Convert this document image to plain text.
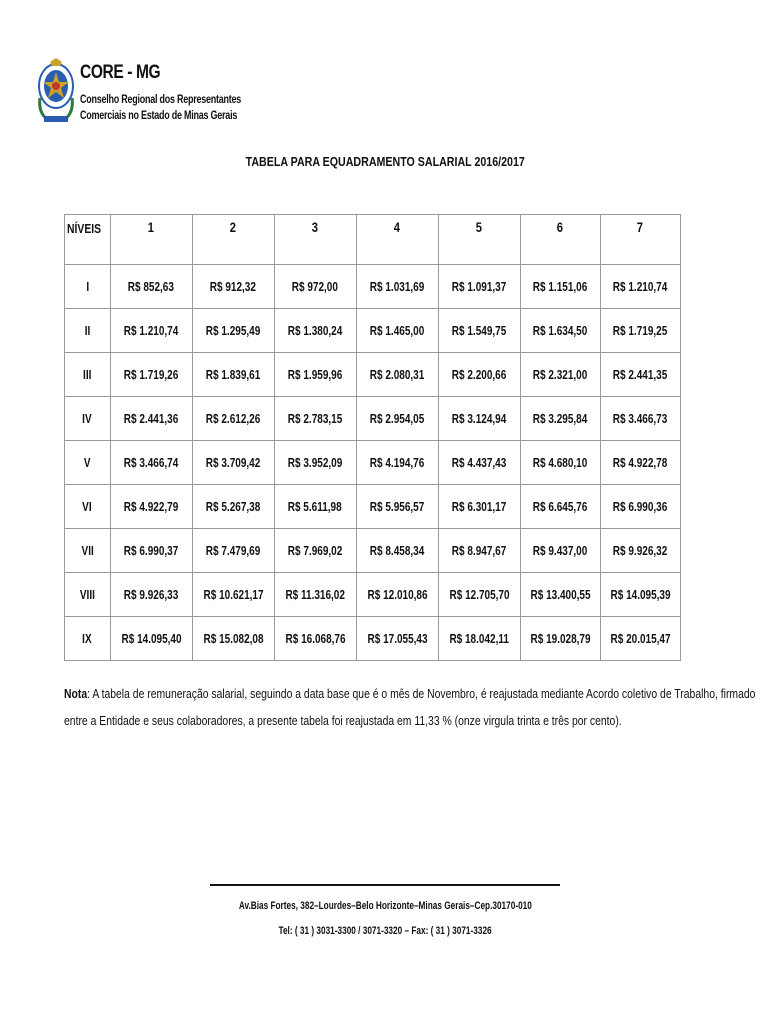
CORE - MG
Conselho Regional dos Representantes
Comerciais no Estado de Minas Gerais
TABELA PARA EQUADRAMENTO SALARIAL 2016/2017
NÍVEIS	1	2	3	4	5	6	7
I	R$ 852,63	R$ 912,32	R$ 972,00	R$ 1.031,69	R$ 1.091,37	R$ 1.151,06	R$ 1.210,74
II	R$ 1.210,74	R$ 1.295,49	R$ 1.380,24	R$ 1.465,00	R$ 1.549,75	R$ 1.634,50	R$ 1.719,25
III	R$ 1.719,26	R$ 1.839,61	R$ 1.959,96	R$ 2.080,31	R$ 2.200,66	R$ 2.321,00	R$ 2.441,35
IV	R$ 2.441,36	R$ 2.612,26	R$ 2.783,15	R$ 2.954,05	R$ 3.124,94	R$ 3.295,84	R$ 3.466,73
V	R$ 3.466,74	R$ 3.709,42	R$ 3.952,09	R$ 4.194,76	R$ 4.437,43	R$ 4.680,10	R$ 4.922,78
VI	R$ 4.922,79	R$ 5.267,38	R$ 5.611,98	R$ 5.956,57	R$ 6.301,17	R$ 6.645,76	R$ 6.990,36
VII	R$ 6.990,37	R$ 7.479,69	R$ 7.969,02	R$ 8.458,34	R$ 8.947,67	R$ 9.437,00	R$ 9.926,32
VIII	R$ 9.926,33	R$ 10.621,17	R$ 11.316,02	R$ 12.010,86	R$ 12.705,70	R$ 13.400,55	R$ 14.095,39
IX	R$ 14.095,40	R$ 15.082,08	R$ 16.068,76	R$ 17.055,43	R$ 18.042,11	R$ 19.028,79	R$ 20.015,47
Nota: A tabela de remuneração salarial, seguindo a data base que é o mês de Novembro, é reajustada mediante Acordo coletivo de Trabalho, firmado
entre a Entidade e seus colaboradores, a presente tabela foi reajustada em 11,33 % (onze virgula trinta e três por cento).
Av.Bias Fortes, 382–Lourdes–Belo Horizonte–Minas Gerais–Cep.30170-010
Tel: ( 31 ) 3031-3300 / 3071-3320 – Fax: ( 31 ) 3071-3326
